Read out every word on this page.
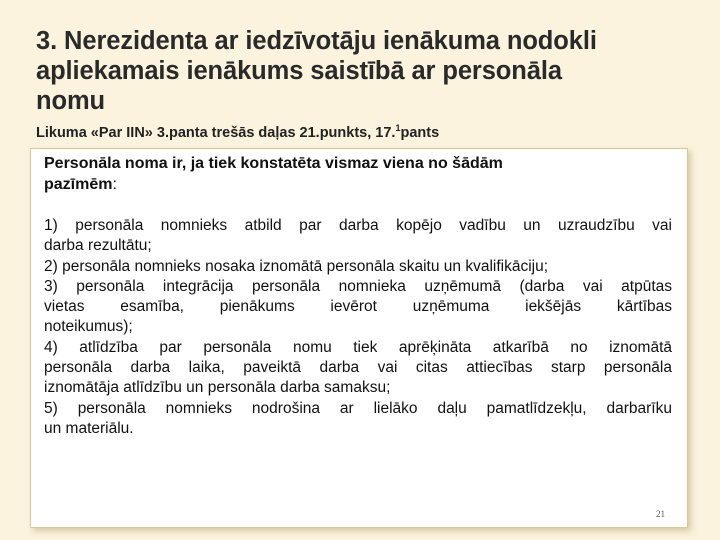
3. Nerezidenta ar iedzīvotāju ienākuma nodokli
apliekamais ienākums saistībā ar personāla
nomu
Likuma «Par IIN» 3.panta trešās daļas 21.punkts, 17.$^1$pants
Personāla noma ir, ja tiek konstatēta vismaz viena no šādām
pazīmēm:
1) personāla nomnieks atbild par darba kopējo vadību un uzraudzību vai
darba rezultātu;
2) personāla nomnieks nosaka iznomātā personāla skaitu un kvalifikāciju;
3) personāla integrācija personāla nomnieka uzņēmumā (darba vai atpūtas
vietas esamība, pienākums ievērot uzņēmuma iekšējās kārtības
noteikumus);
4) atlīdzība par personāla nomu tiek aprēķināta atkarībā no iznomātā
personāla darba laika, paveiktā darba vai citas attiecības starp personāla
iznomātāja atlīdzību un personāla darba samaksu;
5) personāla nomnieks nodrošina ar lielāko daļu pamatlīdzekļu, darbarīku
un materiālu.
21
